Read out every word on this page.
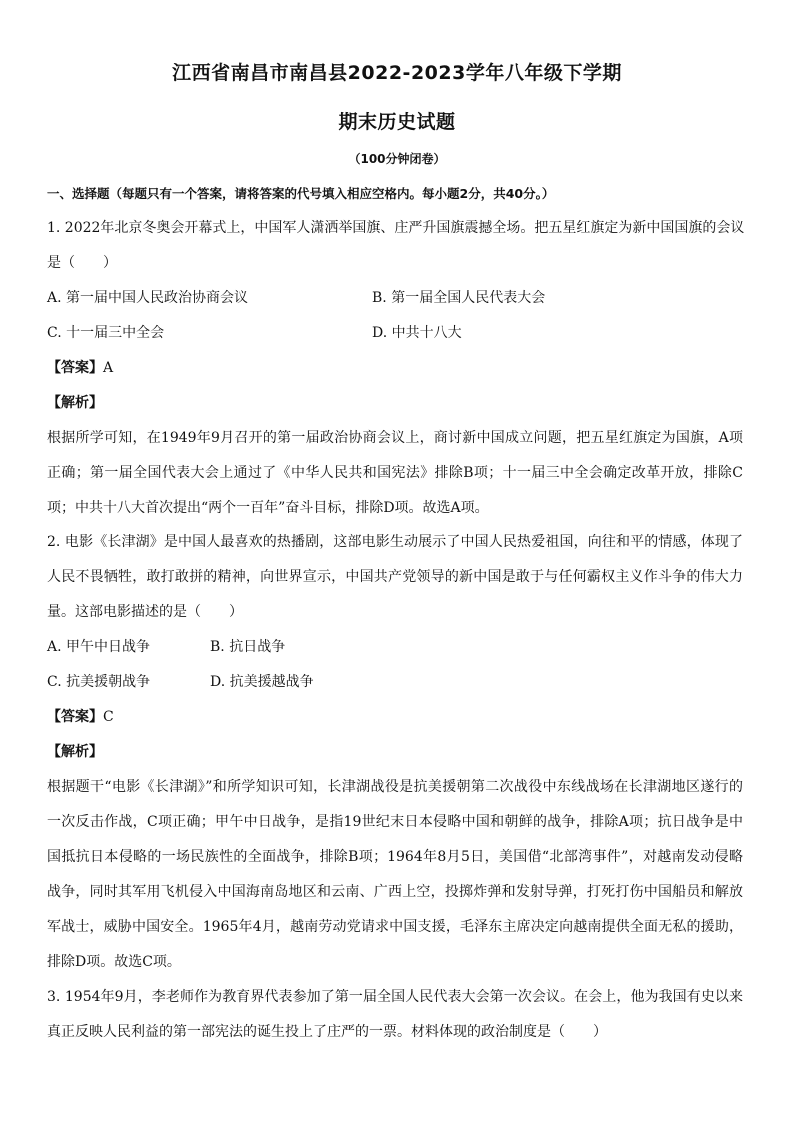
江西省南昌市南昌县2022-2023学年八年级下学期
期末历史试题
（100分钟闭卷）
一、选择题（每题只有一个答案，请将答案的代号填入相应空格内。每小题2分，共40分。）
1. 2022年北京冬奥会开幕式上，中国军人潇洒举国旗、庄严升国旗震撼全场。把五星红旗定为新中国国旗的会议
是（　　）
A. 第一届中国人民政治协商会议	B. 第一届全国人民代表大会
C. 十一届三中全会	D. 中共十八大
【答案】A
【解析】
根据所学可知，在1949年9月召开的第一届政治协商会议上，商讨新中国成立问题，把五星红旗定为国旗，A项
正确；第一届全国代表大会上通过了《中华人民共和国宪法》排除B项；十一届三中全会确定改革开放，排除C
项；中共十八大首次提出“两个一百年”奋斗目标，排除D项。故选A项。
2. 电影《长津湖》是中国人最喜欢的热播剧，这部电影生动展示了中国人民热爱祖国，向往和平的情感，体现了
人民不畏牺牲，敢打敢拼的精神，向世界宣示，中国共产党领导的新中国是敢于与任何霸权主义作斗争的伟大力
量。这部电影描述的是（　　）
A. 甲午中日战争	B. 抗日战争
C. 抗美援朝战争	D. 抗美援越战争
【答案】C
【解析】
根据题干“电影《长津湖》”和所学知识可知，长津湖战役是抗美援朝第二次战役中东线战场在长津湖地区遂行的
一次反击作战，C项正确；甲午中日战争，是指19世纪末日本侵略中国和朝鲜的战争，排除A项；抗日战争是中
国抵抗日本侵略的一场民族性的全面战争，排除B项；1964年8月5日，美国借“北部湾事件”，对越南发动侵略
战争，同时其军用飞机侵入中国海南岛地区和云南、广西上空，投掷炸弹和发射导弹，打死打伤中国船员和解放
军战士，威胁中国安全。1965年4月，越南劳动党请求中国支援，毛泽东主席决定向越南提供全面无私的援助，
排除D项。故选C项。
3. 1954年9月，李老师作为教育界代表参加了第一届全国人民代表大会第一次会议。在会上，他为我国有史以来
真正反映人民利益的第一部宪法的诞生投上了庄严的一票。材料体现的政治制度是（　　）
